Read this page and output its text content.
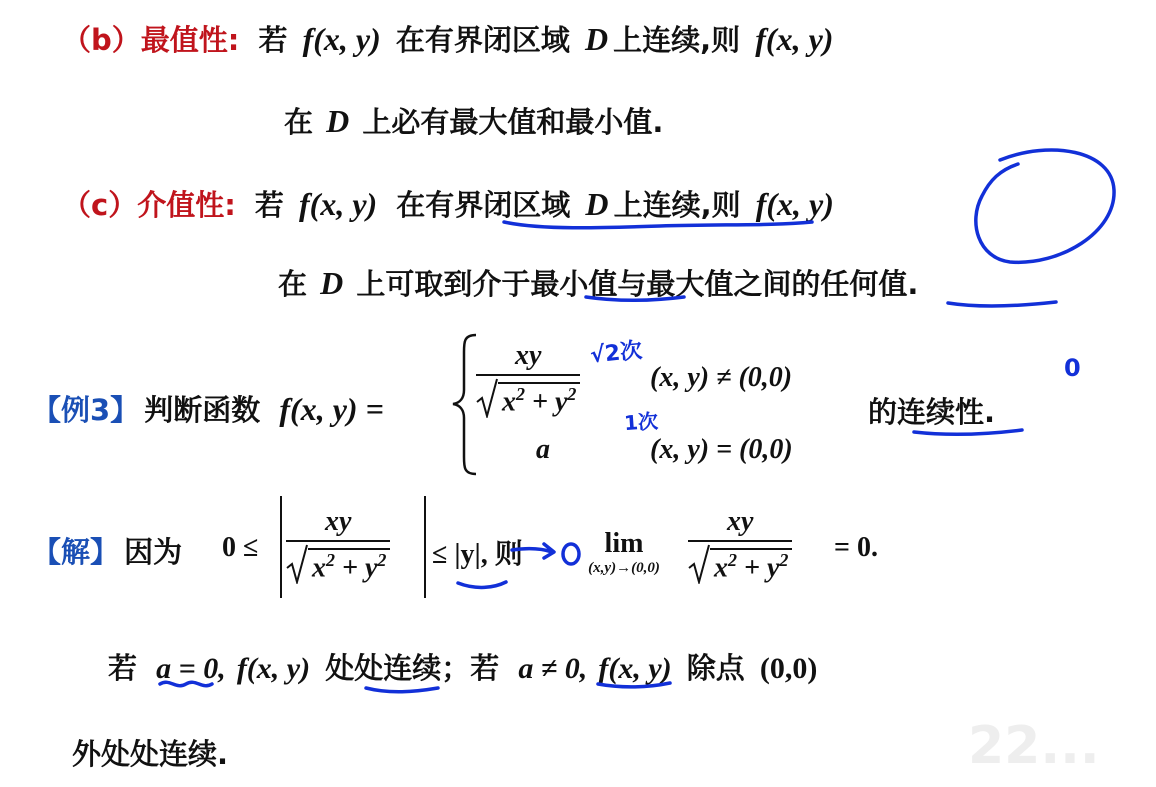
（b）最值性: 若 f(x, y) 在有界闭区域 D 上连续,则 f(x, y)
在 D 上必有最大值和最小值.
（c）介值性: 若 f(x, y) 在有界闭区域 D 上连续,则 f(x, y)
在 D 上可取到介于最小值与最大值之间的任何值.
【例3】 判断函数 f(x, y) =
xy
$x^2 + y^2$
(x, y) ≠ (0,0)
a	(x, y) = (0,0)
的连续性.
【解】 因为 0 ≤
xy
$x^2 + y^2 \le |y|$, 则	lim
(x,y)→(0,0)
xy
$x^2 + y^2 = 0$.
若 a = 0, f(x, y) 处处连续；若 a ≠ 0, f(x, y) 除点 (0,0)
外处处连续.	22...
√2次
1次
0
